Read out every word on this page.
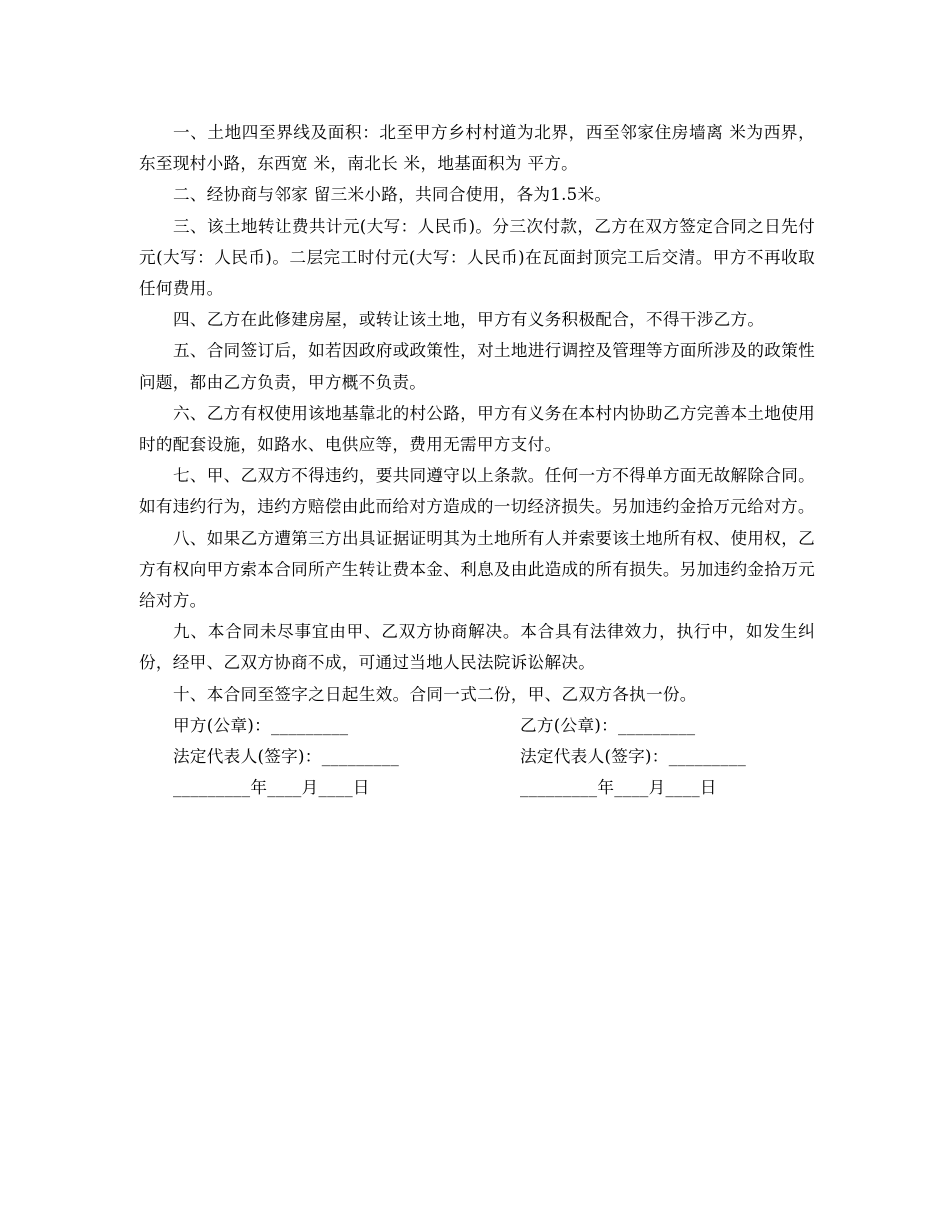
一、土地四至界线及面积：北至甲方乡村村道为北界，西至邻家住房墙离 米为西界，东至现村小路，东西宽 米，南北长 米，地基面积为 平方。

二、经协商与邻家 留三米小路，共同合使用，各为1.5米。

三、该土地转让费共计元(大写：人民币)。分三次付款，乙方在双方签定合同之日先付元(大写：人民币)。二层完工时付元(大写：人民币)在瓦面封顶完工后交清。甲方不再收取任何费用。

四、乙方在此修建房屋，或转让该土地，甲方有义务积极配合，不得干涉乙方。

五、合同签订后，如若因政府或政策性，对土地进行调控及管理等方面所涉及的政策性问题，都由乙方负责，甲方概不负责。

六、乙方有权使用该地基靠北的村公路，甲方有义务在本村内协助乙方完善本土地使用时的配套设施，如路水、电供应等，费用无需甲方支付。

七、甲、乙双方不得违约，要共同遵守以上条款。任何一方不得单方面无故解除合同。如有违约行为，违约方赔偿由此而给对方造成的一切经济损失。另加违约金拾万元给对方。

八、如果乙方遭第三方出具证据证明其为土地所有人并索要该土地所有权、使用权，乙方有权向甲方索本合同所产生转让费本金、利息及由此造成的所有损失。另加违约金拾万元给对方。

九、本合同未尽事宜由甲、乙双方协商解决。本合具有法律效力，执行中，如发生纠份，经甲、乙双方协商不成，可通过当地人民法院诉讼解决。

十、本合同至签字之日起生效。合同一式二份，甲、乙双方各执一份。

甲方(公章)：_________	乙方(公章)：_________
法定代表人(签字)：_________	法定代表人(签字)：_________
_________年____月____日	_________年____月____日
